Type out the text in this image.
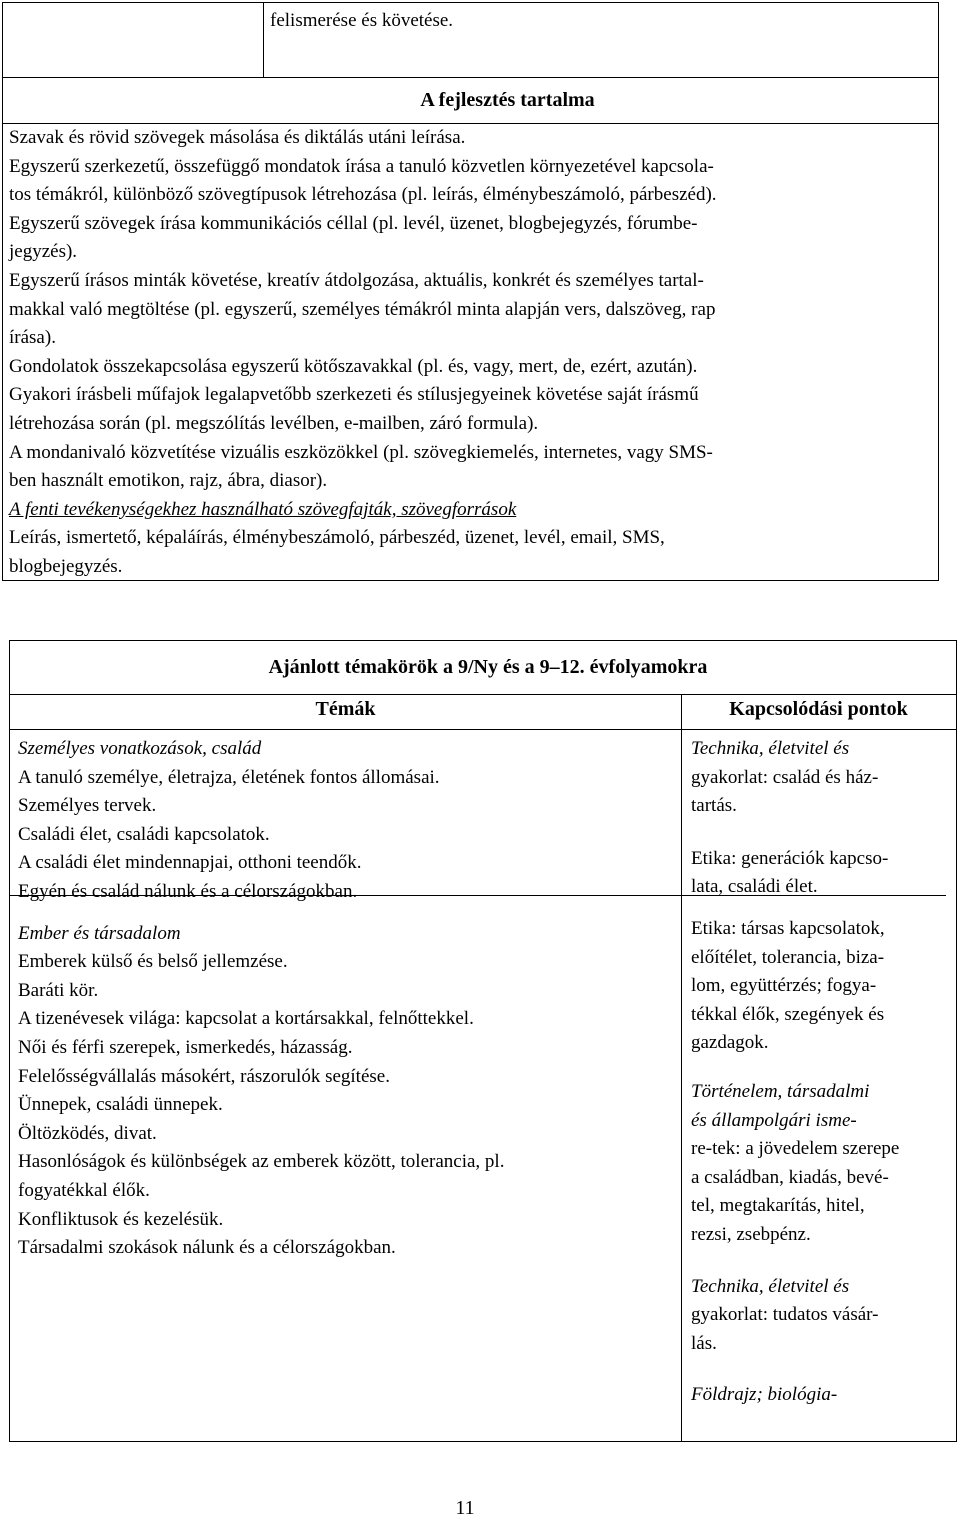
felismerése és követése.
A fejlesztés tartalma
Szavak és rövid szövegek másolása és diktálás utáni leírása.
Egyszerű szerkezetű, összefüggő mondatok írása a tanuló közvetlen környezetével kapcsola-
tos témákról, különböző szövegtípusok létrehozása (pl. leírás, élménybeszámoló, párbeszéd).
Egyszerű szövegek írása kommunikációs céllal (pl. levél, üzenet, blogbejegyzés, fórumbe-
jegyzés).
Egyszerű írásos minták követése, kreatív átdolgozása, aktuális, konkrét és személyes tartal-
makkal való megtöltése (pl. egyszerű, személyes témákról minta alapján vers, dalszöveg, rap
írása).
Gondolatok összekapcsolása egyszerű kötőszavakkal (pl. és, vagy, mert, de, ezért, azután).
Gyakori írásbeli műfajok legalapvetőbb szerkezeti és stílusjegyeinek követése saját írásmű
létrehozása során (pl. megszólítás levélben, e-mailben, záró formula).
A mondanivaló közvetítése vizuális eszközökkel (pl. szövegkiemelés, internetes, vagy SMS-
ben használt emotikon, rajz, ábra, diasor).
A fenti tevékenységekhez használható szövegfajták, szövegforrások
Leírás, ismertető, képaláírás, élménybeszámoló, párbeszéd, üzenet, levél, email, SMS,
blogbejegyzés.
Ajánlott témakörök a 9/Ny és a 9–12. évfolyamokra
Témák	Kapcsolódási pontok
Személyes vonatkozások, család
A tanuló személye, életrajza, életének fontos állomásai.
Személyes tervek.
Családi élet, családi kapcsolatok.
A családi élet mindennapjai, otthoni teendők.
Egyén és család nálunk és a célországokban.
Ember és társadalom
Emberek külső és belső jellemzése.
Baráti kör.
A tizenévesek világa: kapcsolat a kortársakkal, felnőttekkel.
Női és férfi szerepek, ismerkedés, házasság.
Felelősségvállalás másokért, rászorulók segítése.
Ünnepek, családi ünnepek.
Öltözködés, divat.
Hasonlóságok és különbségek az emberek között, tolerancia, pl.
fogyatékkal élők.
Konfliktusok és kezelésük.
Társadalmi szokások nálunk és a célországokban.
Technika, életvitel és
gyakorlat: család és ház-
tartás.
Etika: generációk kapcso-
lata, családi élet.
Etika: társas kapcsolatok,
előítélet, tolerancia, biza-
lom, együttérzés; fogya-
tékkal élők, szegények és
gazdagok.
Történelem, társadalmi
és állampolgári isme-
re-tek: a jövedelem szerepe
a családban, kiadás, bevé-
tel, megtakarítás, hitel,
rezsi, zsebpénz.
Technika, életvitel és
gyakorlat: tudatos vásár-
lás.
Földrajz; biológia-
11
